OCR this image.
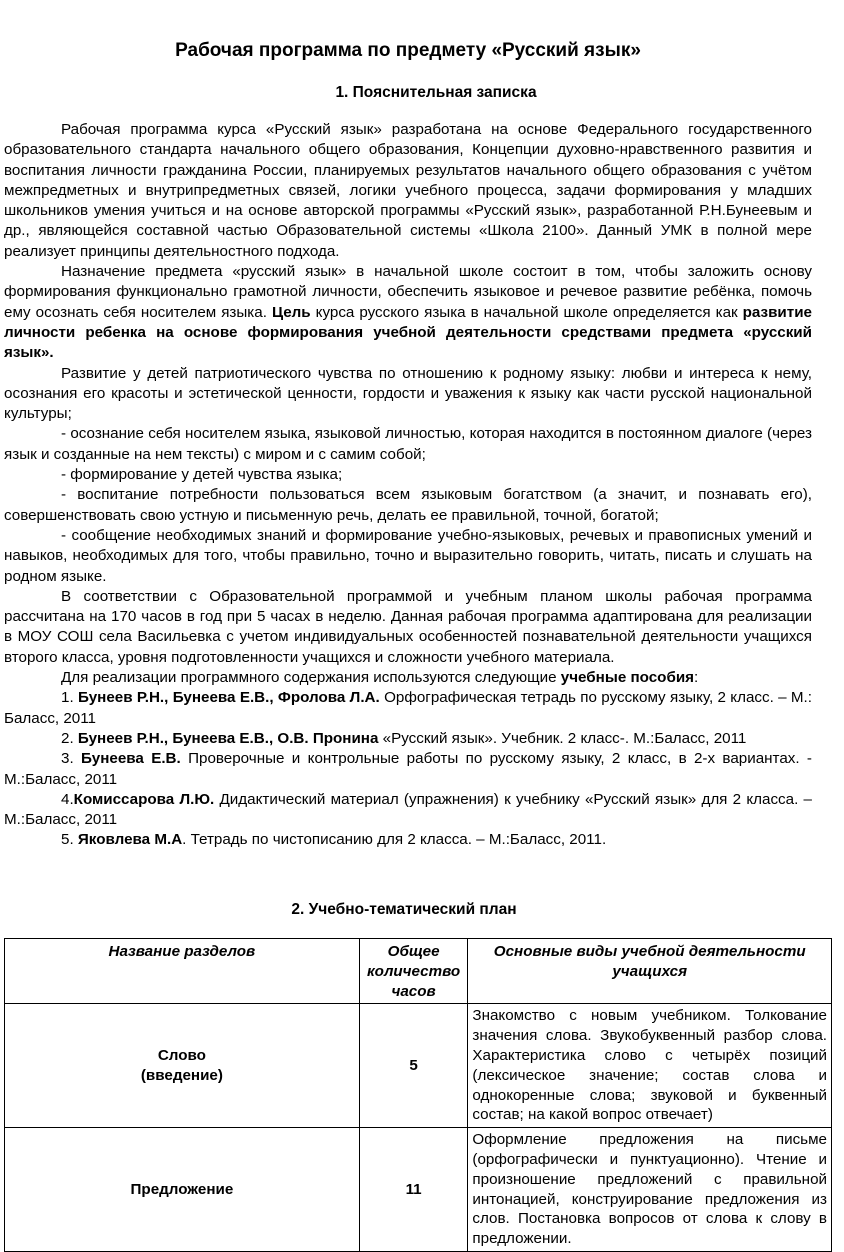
Рабочая программа по предмету «Русский язык»
1. Пояснительная записка

Рабочая программа курса «Русский язык» разработана на основе Федерального государственного образовательного стандарта начального общего образования, Концепции духовно-нравственного развития и воспитания личности гражданина России, планируемых результатов начального общего образования с учётом межпредметных и внутрипредметных связей, логики учебного процесса, задачи формирования у младших школьников умения учиться и на основе авторской программы «Русский язык», разработанной Р.Н.Бунеевым и др., являющейся составной частью Образовательной системы «Школа 2100». Данный УМК в полной мере реализует принципы деятельностного подхода.

Назначение предмета «русский язык» в начальной школе состоит в том, чтобы заложить основу формирования функционально грамотной личности, обеспечить языковое и речевое развитие ребёнка, помочь ему осознать себя носителем языка. Цель курса русского языка в начальной школе определяется как развитие личности ребенка на основе формирования учебной деятельности средствами предмета «русский язык».

Развитие у детей патриотического чувства по отношению к родному языку: любви и интереса к нему, осознания его красоты и эстетической ценности, гордости и уважения к языку как части русской национальной культуры;

- осознание себя носителем языка, языковой личностью, которая находится в постоянном диалоге (через язык и созданные на нем тексты) с миром и с самим собой;

- формирование у детей чувства языка;

- воспитание потребности пользоваться всем языковым богатством (а значит, и познавать его), совершенствовать свою устную и письменную речь, делать ее правильной, точной, богатой;

- сообщение необходимых знаний и формирование учебно-языковых, речевых и правописных умений и навыков, необходимых для того, чтобы правильно, точно и выразительно говорить, читать, писать и слушать на родном языке.

В соответствии с Образовательной программой и учебным планом школы рабочая программа рассчитана на 170 часов в год при 5 часах в неделю. Данная рабочая программа адаптирована для реализации в МОУ СОШ села Васильевка с учетом индивидуальных особенностей познавательной деятельности учащихся второго класса, уровня подготовленности учащихся и сложности учебного материала.

Для реализации программного содержания используются следующие учебные пособия:

1. Бунеев Р.Н., Бунеева Е.В., Фролова Л.А. Орфографическая тетрадь по русскому языку, 2 класс. – М.: Баласс, 2011

2. Бунеев Р.Н., Бунеева Е.В., О.В. Пронина «Русский язык». Учебник. 2 класс-. М.:Баласс, 2011

3. Бунеева Е.В. Проверочные и контрольные работы по русскому языку, 2 класс, в 2-х вариантах. - М.:Баласс, 2011

4.Комиссарова Л.Ю. Дидактический материал (упражнения) к учебнику «Русский язык» для 2 класса. – М.:Баласс, 2011

5. Яковлева М.А. Тетрадь по чистописанию для 2 класса. – М.:Баласс, 2011.

2. Учебно-тематический план
Название разделов	Общее количество часов	Основные виды учебной деятельности учащихся
Слово
(введение)	5	Знакомство с новым учебником. Толкование значения слова. Звукобуквенный разбор слова. Характеристика слово с четырёх позиций (лексическое значение; состав слова и однокоренные слова; звуковой и буквенный состав; на какой вопрос отвечает)
Предложение	11	Оформление предложения на письме (орфографически и пунктуационно). Чтение и произношение предложений с правильной интонацией, конструирование предложения из слов. Постановка вопросов от слова к слову в предложении.
